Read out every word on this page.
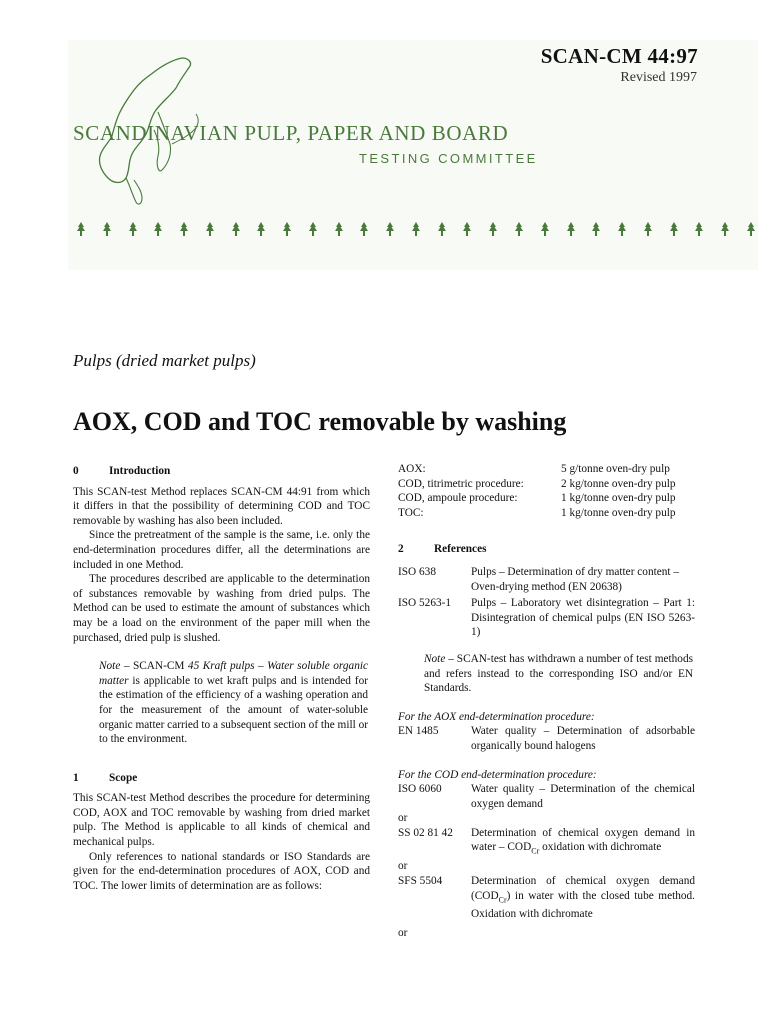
SCAN-CM 44:97
Revised 1997
SCANDINAVIAN PULP, PAPER AND BOARD
TESTING COMMITTEE
Pulps (dried market pulps)
AOX, COD and TOC removable by washing
0	Introduction

This SCAN-test Method replaces SCAN-CM 44:91 from which it differs in that the possibility of determining COD and TOC removable by washing has also been included.

Since the pretreatment of the sample is the same, i.e. only the end-determination procedures differ, all the determinations are included in one Method.

The procedures described are applicable to the determination of substances removable by washing from dried pulps. The Method can be used to estimate the amount of substances which may be a load on the environment of the paper mill when the purchased, dried pulp is slushed.

Note – SCAN-CM 45 Kraft pulps – Water soluble organic matter is applicable to wet kraft pulps and is intended for the estimation of the efficiency of a washing operation and for the measurement of the amount of water-soluble organic matter carried to a subsequent section of the mill or to the environment.

1	Scope

This SCAN-test Method describes the procedure for determining COD, AOX and TOC removable by washing from dried market pulp. The Method is applicable to all kinds of chemical and mechanical pulps.

Only references to national standards or ISO Standards are given for the end-determination procedures of AOX, COD and TOC. The lower limits of determination are as follows:

AOX:	5 g/tonne oven-dry pulp
COD, titrimetric procedure:	2 kg/tonne oven-dry pulp
COD, ampoule procedure:	1 kg/tonne oven-dry pulp
TOC:	1 kg/tonne oven-dry pulp
2	References
ISO 638	Pulps – Determination of dry matter content – Oven-drying method (EN 20638)
ISO 5263-1	Pulps – Laboratory wet disintegration – Part 1: Disintegration of chemical pulps (EN ISO 5263-1)

Note – SCAN-test has withdrawn a number of test methods and refers instead to the corresponding ISO and/or EN Standards.

For the AOX end-determination procedure:
EN 1485	Water quality – Determination of adsorbable organically bound halogens
For the COD end-determination procedure:
ISO 6060	Water quality – Determination of the chemical oxygen demand
or
SS 02 81 42	Determination of chemical oxygen demand in water – $COD_{Cr}$ oxidation with dichromate
or
SFS 5504	Determination of chemical oxygen demand $(COD_{Cr})$ in water with the closed tube method. Oxidation with dichromate
or
